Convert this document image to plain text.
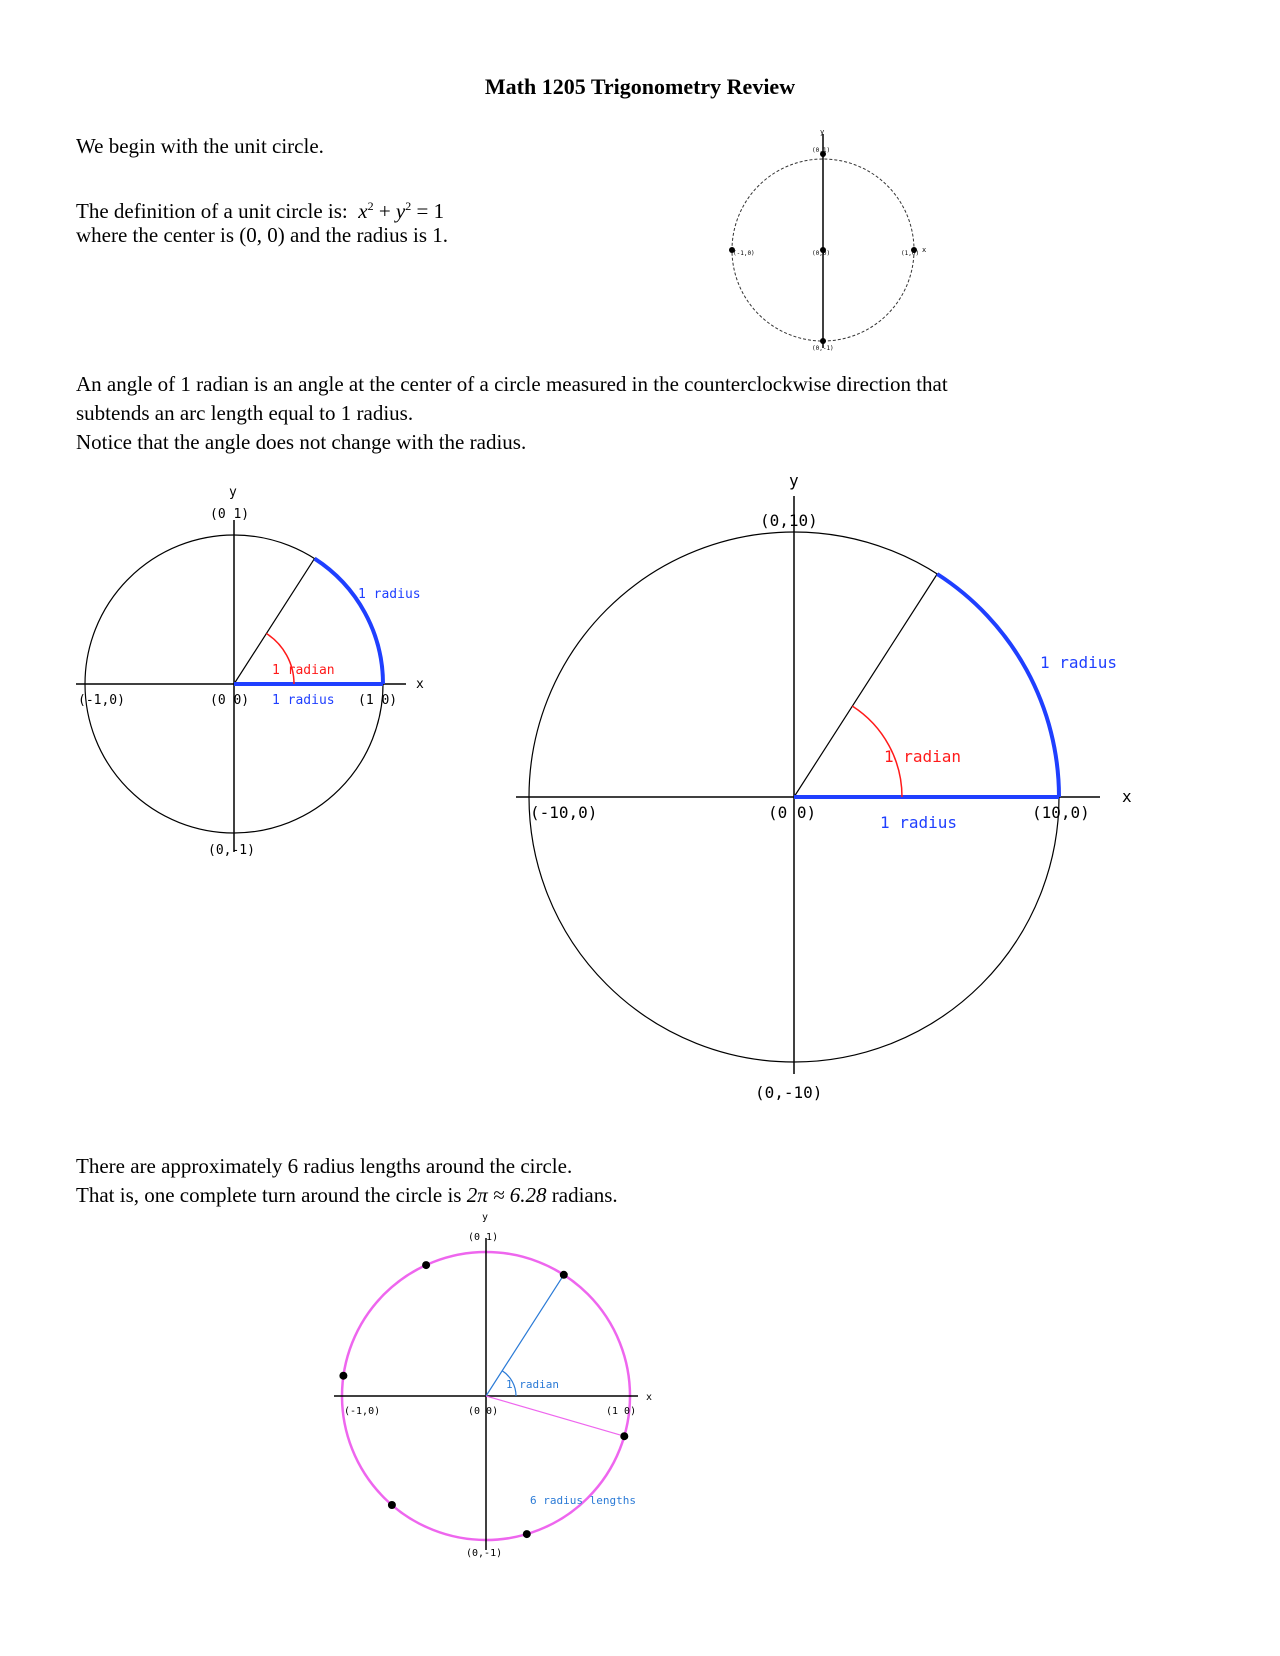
Math 1205 Trigonometry Review
We begin with the unit circle.
The definition of a unit circle is: $x^2 + y^2 = 1$
where the center is (0, 0) and the radius is 1.
y
(0,1)
(-1,0)	(0,0)	(1,0) x
(0,-1)
An angle of 1 radian is an angle at the center of a circle measured in the counterclockwise direction that
subtends an arc length equal to 1 radius.
Notice that the angle does not change with the radius.
y
(0 1)
1 radius
1 radian
(-1,0)	(0 0) 1 radius (1 0)
x
(0,-1)
y
(0,10)
1 radius
1 radian
(-10,0)	(0 0)
1 radius
(10,0)
x
(0,-10)
There are approximately 6 radius lengths around the circle.
That is, one complete turn around the circle is 2π ≈ 6.28 radians.
y
(0 1)
1 radian
(-1,0)	(0 0)	(1 0)
x
6 radius lengths
(0,-1)
